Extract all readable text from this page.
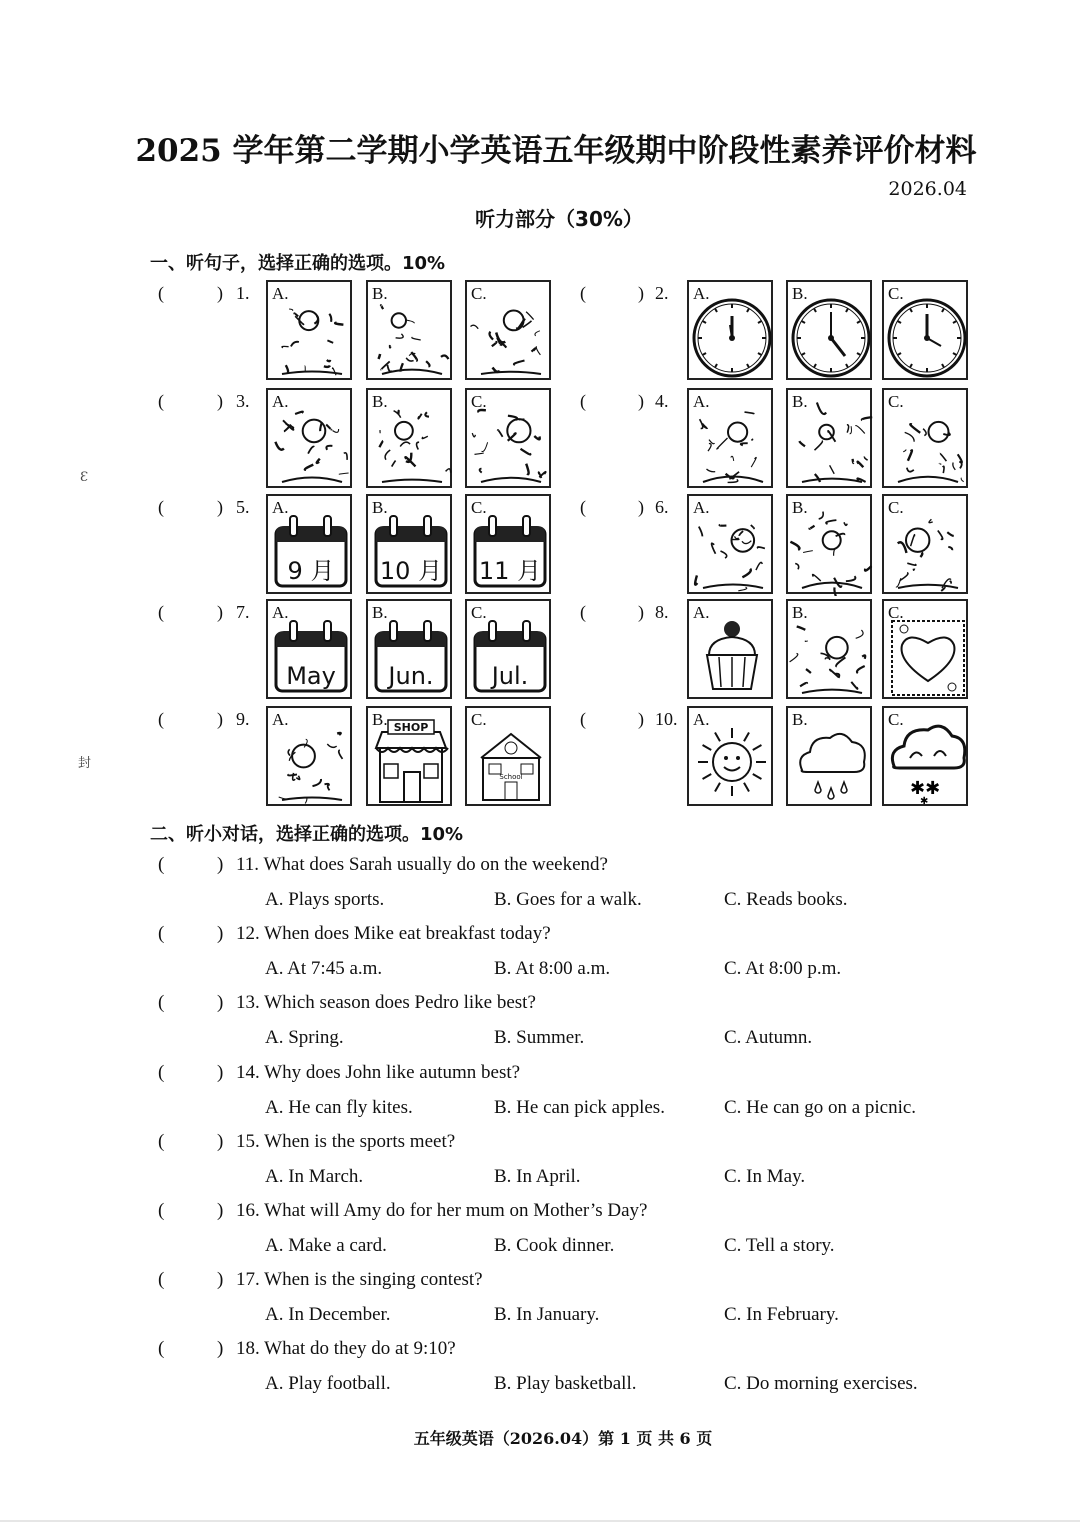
2025 学年第二学期小学英语五年级期中阶段性素养评价材料
2026.04
听力部分（30%）
Ɛ
封
一、听句子，选择正确的选项。10%
(	) 1. A.	B.	C.	(	) 2. A.	B.	C.
(	) 3. A.	B.	C.	(	) 4. A.	B.	C.
(	) 5.
9 月
A.
10 月
B.
11 月
C.	(	) 6. A.	B.	C.
(	) 7.
May
A.
Jun.
B.
Jul.
C.	(	) 8. A.	B.	C.
(	) 9. A.	SHOP
B.
School
C.	(	) 10. A.	B.
✱✱
✱
C.
二、听小对话，选择正确的选项。10%
(	) 11. What does Sarah usually do on the weekend?
A. Plays sports.	B. Goes for a walk.	C. Reads books.
(	) 12. When does Mike eat breakfast today?
A. At 7:45 a.m.	B. At 8:00 a.m.	C. At 8:00 p.m.
(	) 13. Which season does Pedro like best?
A. Spring.	B. Summer.	C. Autumn.
(	) 14. Why does John like autumn best?
A. He can fly kites.	B. He can pick apples.	C. He can go on a picnic.
(	) 15. When is the sports meet?
A. In March.	B. In April.	C. In May.
(	) 16. What will Amy do for her mum on Mother’s Day?
A. Make a card.	B. Cook dinner.	C. Tell a story.
(	) 17. When is the singing contest?
A. In December.	B. In January.	C. In February.
(	) 18. What do they do at 9:10?
A. Play football.	B. Play basketball.	C. Do morning exercises.
五年级英语（2026.04）第 1 页 共 6 页
